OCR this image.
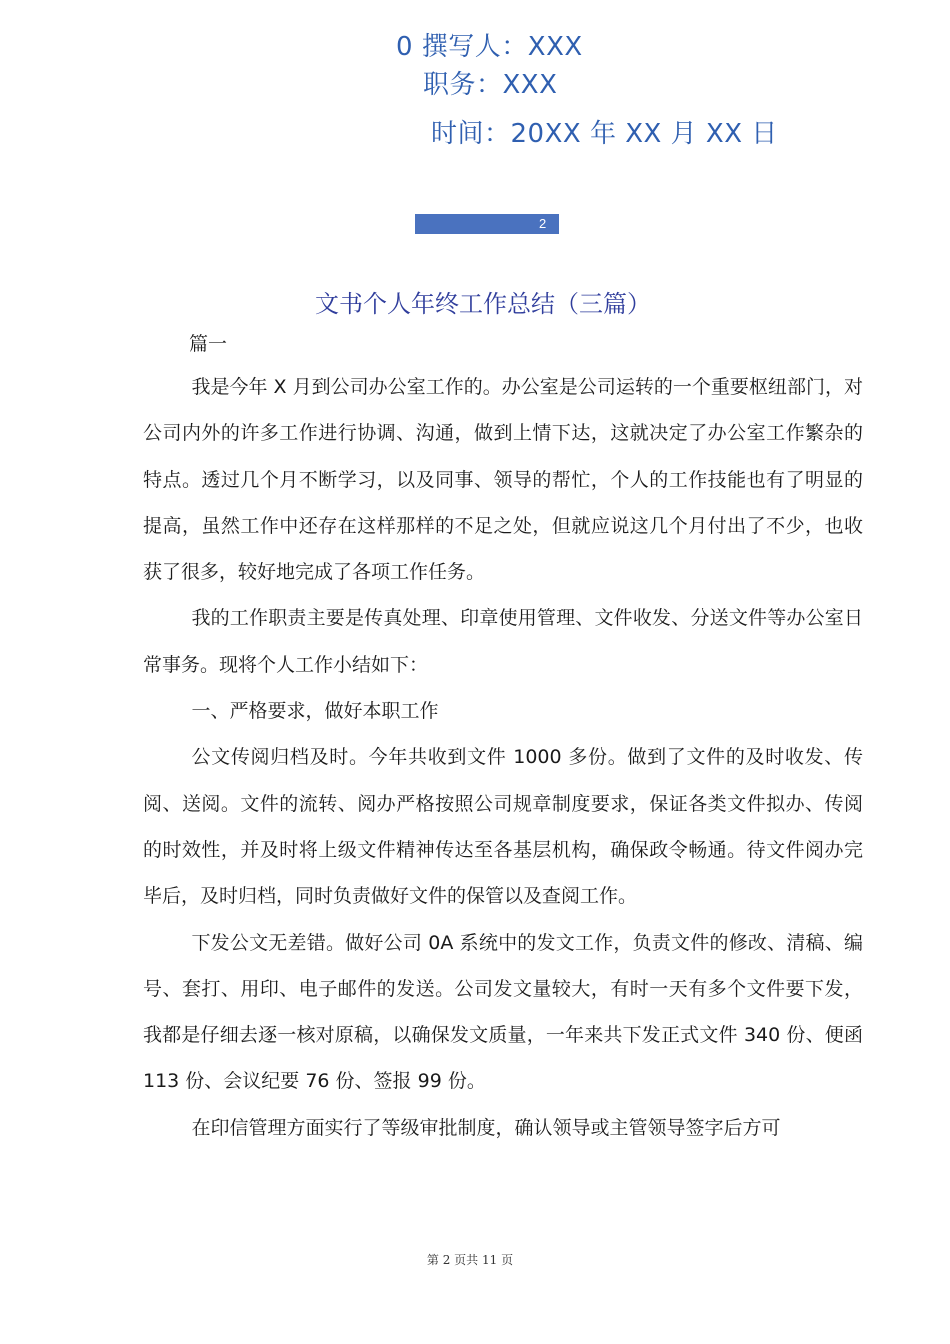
0 撰写人：XXX
职务：XXX
时间：20XX 年 XX 月 XX 日
2
文书个人年终工作总结（三篇）
篇一

我是今年 X 月到公司办公室工作的。办公室是公司运转的一个重要枢纽部门，对公司内外的许多工作进行协调、沟通，做到上情下达，这就决定了办公室工作繁杂的特点。透过几个月不断学习，以及同事、领导的帮忙，个人的工作技能也有了明显的提高，虽然工作中还存在这样那样的不足之处，但就应说这几个月付出了不少，也收获了很多，较好地完成了各项工作任务。

我的工作职责主要是传真处理、印章使用管理、文件收发、分送文件等办公室日常事务。现将个人工作小结如下：

一、严格要求，做好本职工作

公文传阅归档及时。今年共收到文件 1000 多份。做到了文件的及时收发、传阅、送阅。文件的流转、阅办严格按照公司规章制度要求，保证各类文件拟办、传阅的时效性，并及时将上级文件精神传达至各基层机构，确保政令畅通。待文件阅办完毕后，及时归档，同时负责做好文件的保管以及查阅工作。

下发公文无差错。做好公司 0A 系统中的发文工作，负责文件的修改、清稿、编号、套打、用印、电子邮件的发送。公司发文量较大，有时一天有多个文件要下发，我都是仔细去逐一核对原稿，以确保发文质量，一年来共下发正式文件 340 份、便函 113 份、会议纪要 76 份、签报 99 份。

在印信管理方面实行了等级审批制度，确认领导或主管领导签字后方可

第 2 页共 11 页
